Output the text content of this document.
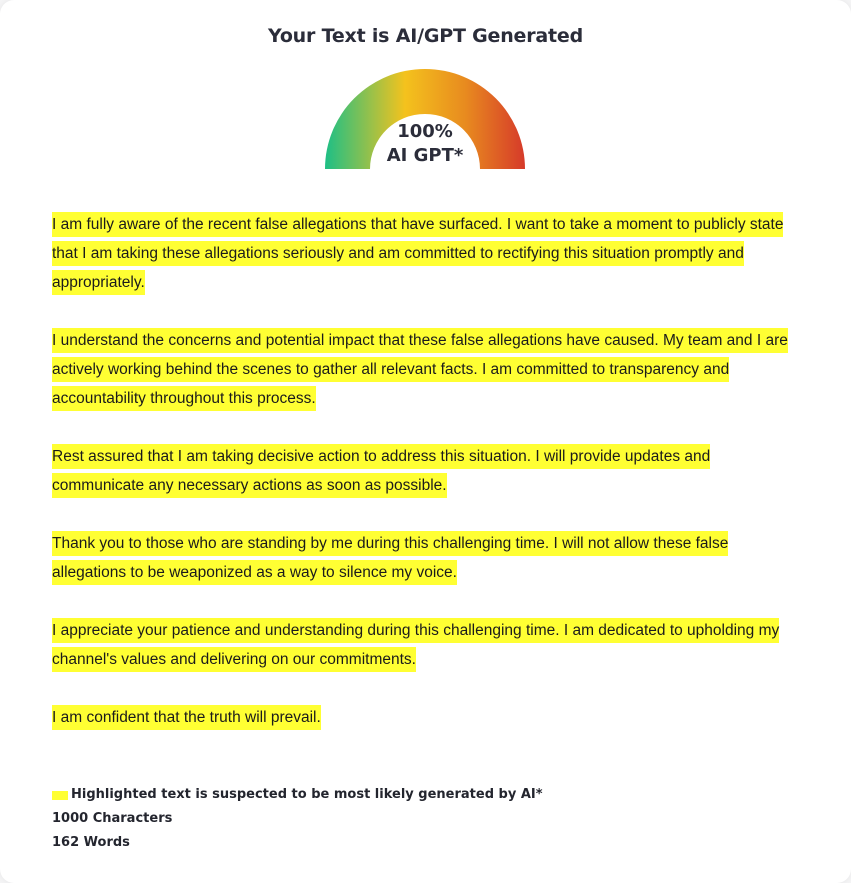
Your Text is AI/GPT Generated
100%
AI GPT*

I am fully aware of the recent false allegations that have surfaced. I want to take a moment to publicly state that I am taking these allegations seriously and am committed to rectifying this situation promptly and appropriately.

I understand the concerns and potential impact that these false allegations have caused. My team and I are actively working behind the scenes to gather all relevant facts. I am committed to transparency and accountability throughout this process.

Rest assured that I am taking decisive action to address this situation. I will provide updates and communicate any necessary actions as soon as possible.

Thank you to those who are standing by me during this challenging time. I will not allow these false allegations to be weaponized as a way to silence my voice.

I appreciate your patience and understanding during this challenging time. I am dedicated to upholding my channel's values and delivering on our commitments.

I am confident that the truth will prevail.

Highlighted text is suspected to be most likely generated by AI*
1000 Characters
162 Words
